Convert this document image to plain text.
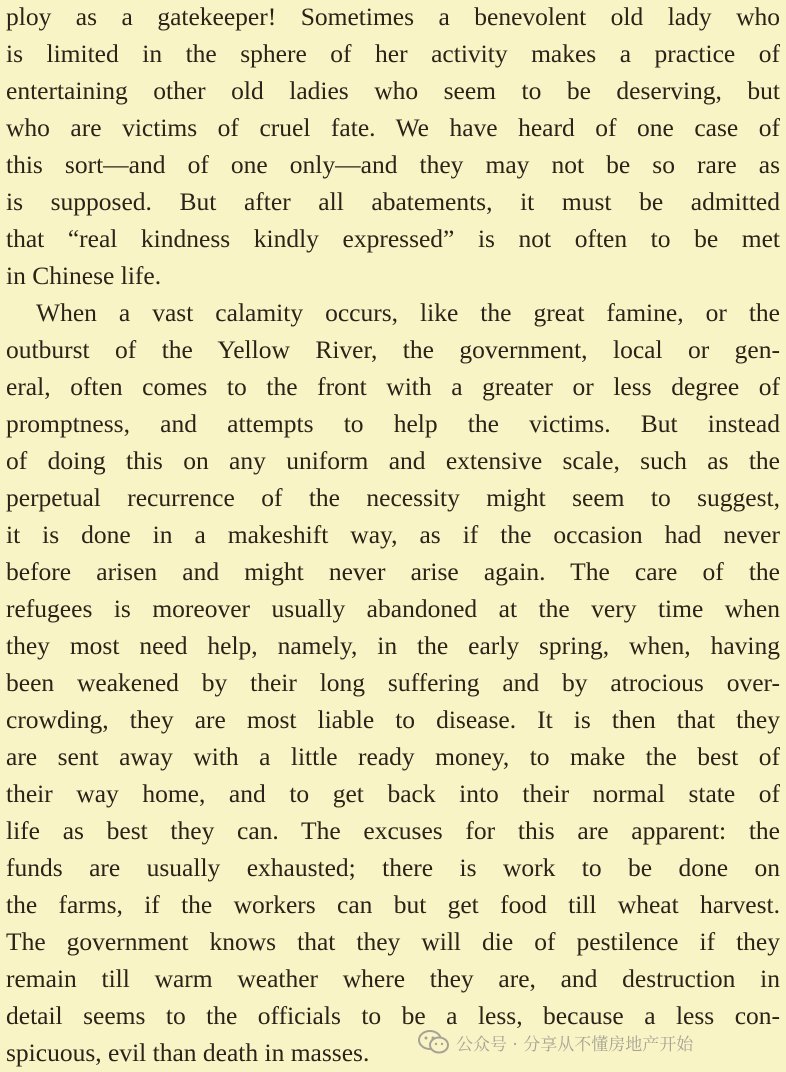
ploy as a gatekeeper! Sometimes a benevolent old lady who
is limited in the sphere of her activity makes a practice of
entertaining other old ladies who seem to be deserving, but
who are victims of cruel fate. We have heard of one case of
this sort—and of one only—and they may not be so rare as
is supposed. But after all abatements, it must be admitted
that “real kindness kindly expressed” is not often to be met
in Chinese life.
When a vast calamity occurs, like the great famine, or the
outburst of the Yellow River, the government, local or gen-
eral, often comes to the front with a greater or less degree of
promptness, and attempts to help the victims. But instead
of doing this on any uniform and extensive scale, such as the
perpetual recurrence of the necessity might seem to suggest,
it is done in a makeshift way, as if the occasion had never
before arisen and might never arise again. The care of the
refugees is moreover usually abandoned at the very time when
they most need help, namely, in the early spring, when, having
been weakened by their long suffering and by atrocious over-
crowding, they are most liable to disease. It is then that they
are sent away with a little ready money, to make the best of
their way home, and to get back into their normal state of
life as best they can. The excuses for this are apparent: the
funds are usually exhausted; there is work to be done on
the farms, if the workers can but get food till wheat harvest.
The government knows that they will die of pestilence if they
remain till warm weather where they are, and destruction in
detail seems to the officials to be a less, because a less con-
spicuous, evil than death in masses.	公众号 · 分享从不懂房地产开始
